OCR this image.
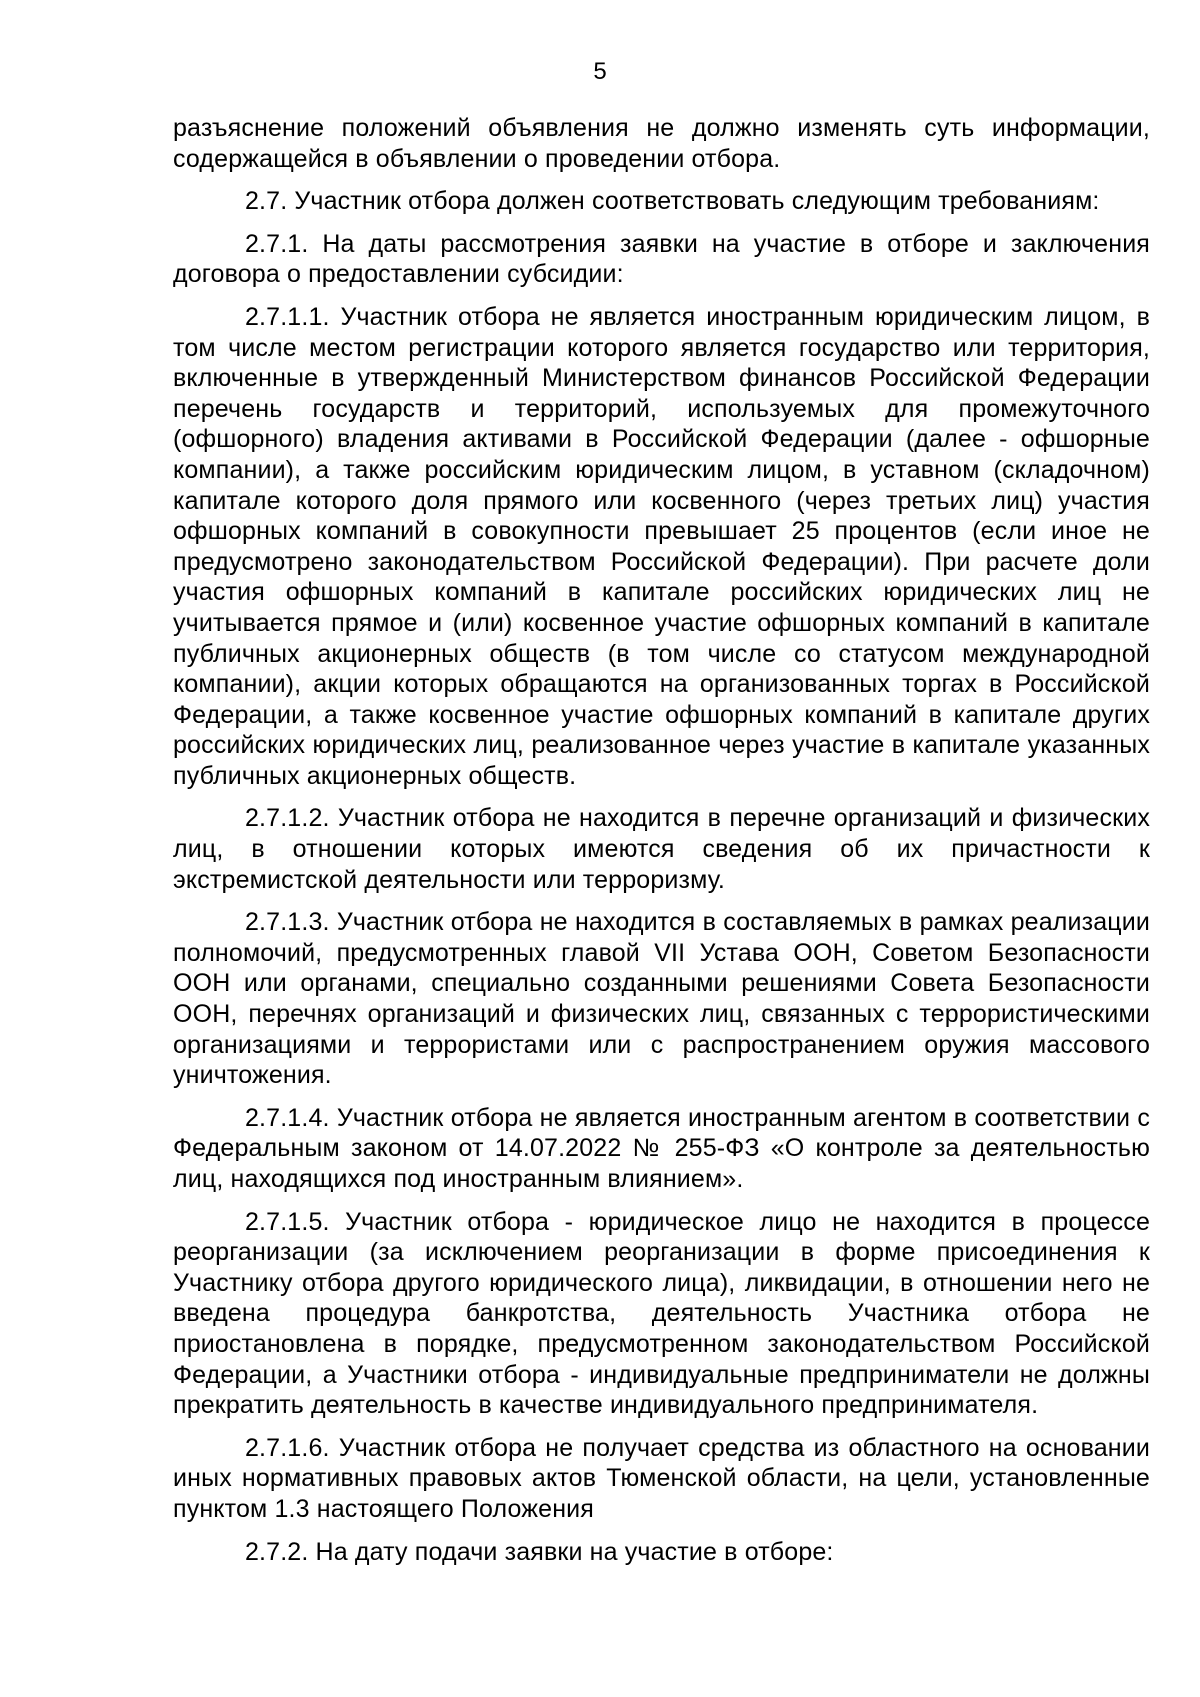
5

разъяснение положений объявления не должно изменять суть информации, содержащейся в объявлении о проведении отбора.

2.7. Участник отбора должен соответствовать следующим требованиям:

2.7.1. На даты рассмотрения заявки на участие в отборе и заключения договора о предоставлении субсидии:

2.7.1.1. Участник отбора не является иностранным юридическим лицом, в том числе местом регистрации которого является государство или территория, включенные в утвержденный Министерством финансов Российской Федерации перечень государств и территорий, используемых для промежуточного (офшорного) владения активами в Российской Федерации (далее - офшорные компании), а также российским юридическим лицом, в уставном (складочном) капитале которого доля прямого или косвенного (через третьих лиц) участия офшорных компаний в совокупности превышает 25 процентов (если иное не предусмотрено законодательством Российской Федерации). При расчете доли участия офшорных компаний в капитале российских юридических лиц не учитывается прямое и (или) косвенное участие офшорных компаний в капитале публичных акционерных обществ (в том числе со статусом международной компании), акции которых обращаются на организованных торгах в Российской Федерации, а также косвенное участие офшорных компаний в капитале других российских юридических лиц, реализованное через участие в капитале указанных публичных акционерных обществ.

2.7.1.2. Участник отбора не находится в перечне организаций и физических лиц, в отношении которых имеются сведения об их причастности к экстремистской деятельности или терроризму.

2.7.1.3. Участник отбора не находится в составляемых в рамках реализации полномочий, предусмотренных главой VII Устава ООН, Советом Безопасности ООН или органами, специально созданными решениями Совета Безопасности ООН, перечнях организаций и физических лиц, связанных с террористическими организациями и террористами или с распространением оружия массового уничтожения.

2.7.1.4. Участник отбора не является иностранным агентом в соответствии с Федеральным законом от 14.07.2022 № 255-ФЗ «О контроле за деятельностью лиц, находящихся под иностранным влиянием».

2.7.1.5. Участник отбора - юридическое лицо не находится в процессе реорганизации (за исключением реорганизации в форме присоединения к Участнику отбора другого юридического лица), ликвидации, в отношении него не введена процедура банкротства, деятельность Участника отбора не приостановлена в порядке, предусмотренном законодательством Российской Федерации, а Участники отбора - индивидуальные предприниматели не должны прекратить деятельность в качестве индивидуального предпринимателя.

2.7.1.6. Участник отбора не получает средства из областного на основании иных нормативных правовых актов Тюменской области, на цели, установленные пунктом 1.3 настоящего Положения

2.7.2. На дату подачи заявки на участие в отборе:
